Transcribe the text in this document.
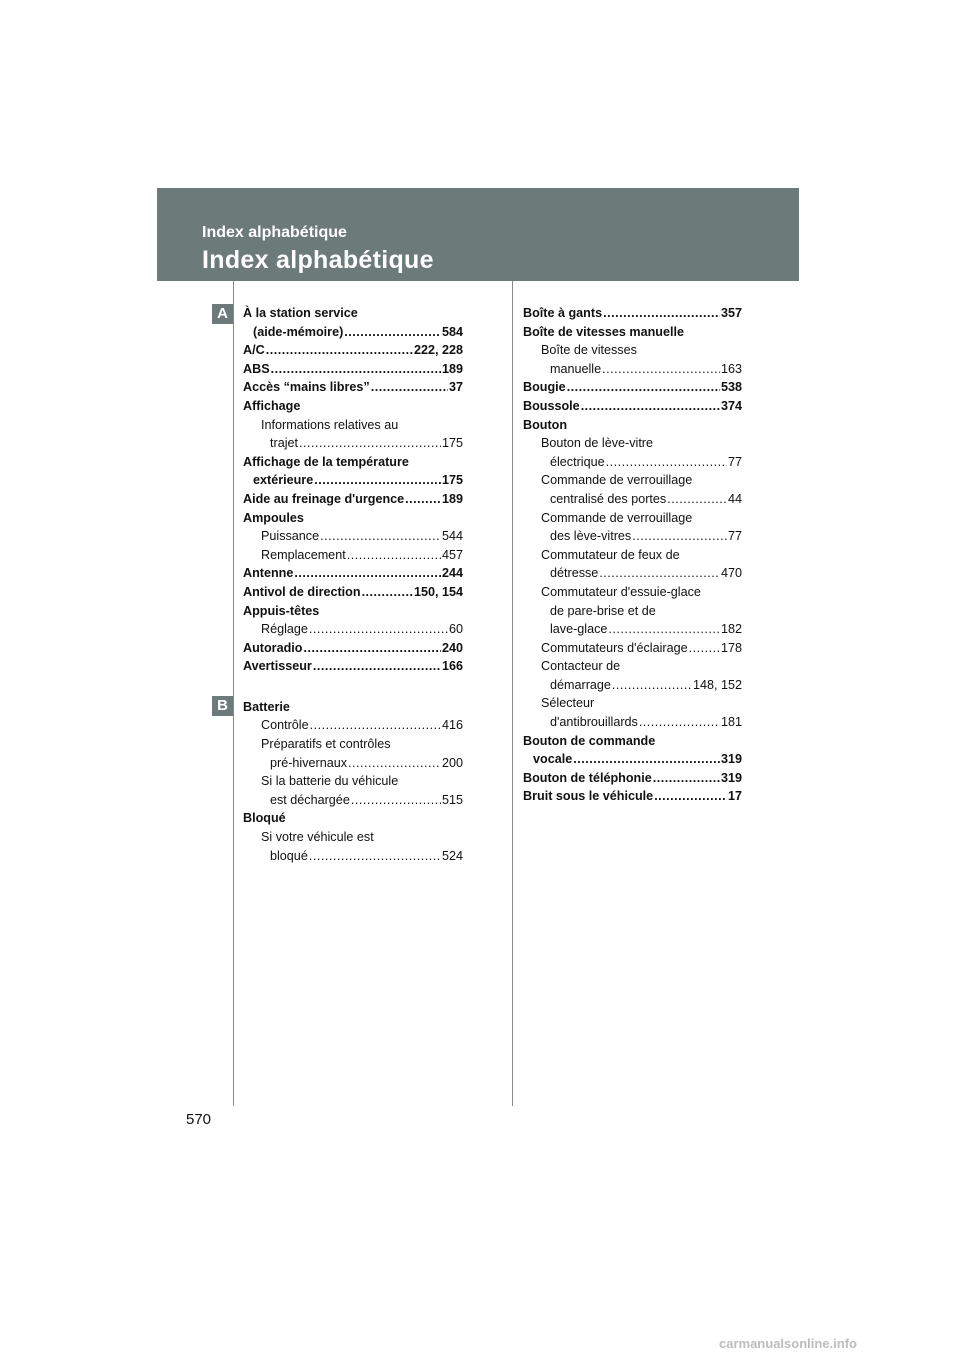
Index alphabétique
Index alphabétique
A
B
À la station service
(aide-mémoire) .....	584
A/C .....	222, 228
ABS .....	189
Accès “mains libres” .....	37
Affichage
Informations relatives au
trajet .....	175
Affichage de la température
extérieure .....	175
Aide au freinage d'urgence .....	189
Ampoules
Puissance .....	544
Remplacement .....	457
Antenne .....	244
Antivol de direction .....	150, 154
Appuis-têtes
Réglage .....	60
Autoradio .....	240
Avertisseur .....	166
Batterie
Contrôle .....	416
Préparatifs et contrôles
pré-hivernaux .....	200
Si la batterie du véhicule
est déchargée .....	515
Bloqué
Si votre véhicule est
bloqué .....	524
Boîte à gants .....	357
Boîte de vitesses manuelle
Boîte de vitesses
manuelle .....	163
Bougie .....	538
Boussole .....	374
Bouton
Bouton de lève-vitre
électrique .....	77
Commande de verrouillage
centralisé des portes .....	44
Commande de verrouillage
des lève-vitres .....	77
Commutateur de feux de
détresse .....	470
Commutateur d'essuie-glace
de pare-brise et de
lave-glace .....	182
Commutateurs d'éclairage .....	178
Contacteur de
démarrage .....	148, 152
Sélecteur
d'antibrouillards .....	181
Bouton de commande
vocale .....	319
Bouton de téléphonie .....	319
Bruit sous le véhicule .....	17
570
carmanualsonline.info
